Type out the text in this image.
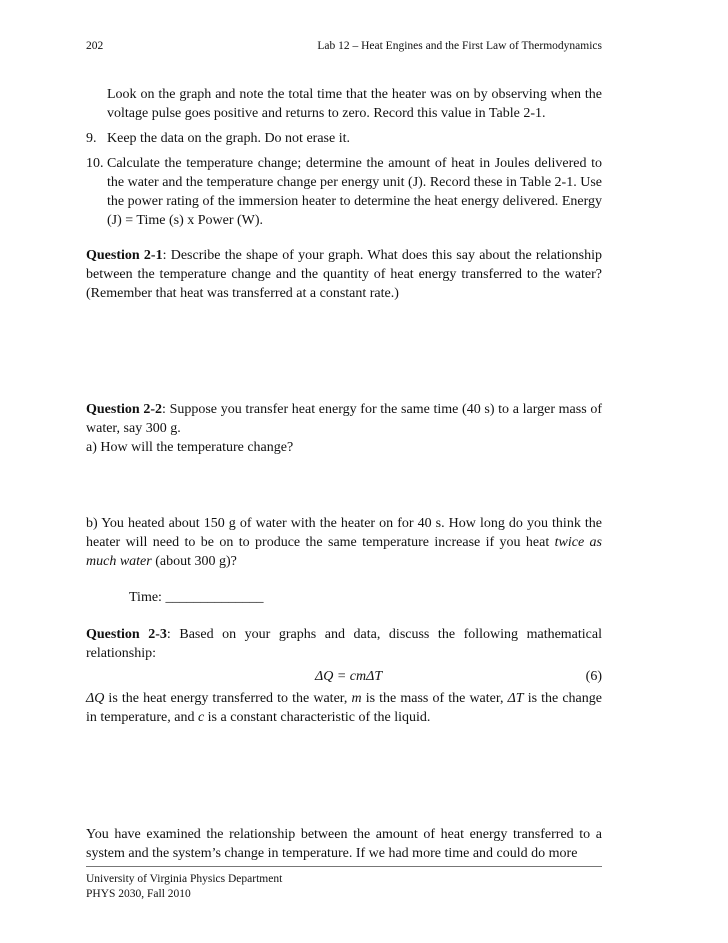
202	Lab 12 – Heat Engines and the First Law of Thermodynamics

Look on the graph and note the total time that the heater was on by observing when the voltage pulse goes positive and returns to zero. Record this value in Table 2-1.

9. Keep the data on the graph. Do not erase it.
10. Calculate the temperature change; determine the amount of heat in Joules delivered to the water and the temperature change per energy unit (J). Record these in Table 2-1. Use the power rating of the immersion heater to determine the heat energy delivered. Energy (J) = Time (s) x Power (W).

Question 2-1: Describe the shape of your graph. What does this say about the relationship between the temperature change and the quantity of heat energy transferred to the water? (Remember that heat was transferred at a constant rate.)

Question 2-2: Suppose you transfer heat energy for the same time (40 s) to a larger mass of water, say 300 g.

a) How will the temperature change?

b) You heated about 150 g of water with the heater on for 40 s. How long do you think the heater will need to be on to produce the same temperature increase if you heat twice as much water (about 300 g)?

Time: ______________

Question 2-3: Based on your graphs and data, discuss the following mathematical relationship:

ΔQ = cmΔT	(6)

ΔQ is the heat energy transferred to the water, m is the mass of the water, ΔT is the change in temperature, and c is a constant characteristic of the liquid.

You have examined the relationship between the amount of heat energy transferred to a system and the system’s change in temperature. If we had more time and could do more

University of Virginia Physics Department
PHYS 2030, Fall 2010
